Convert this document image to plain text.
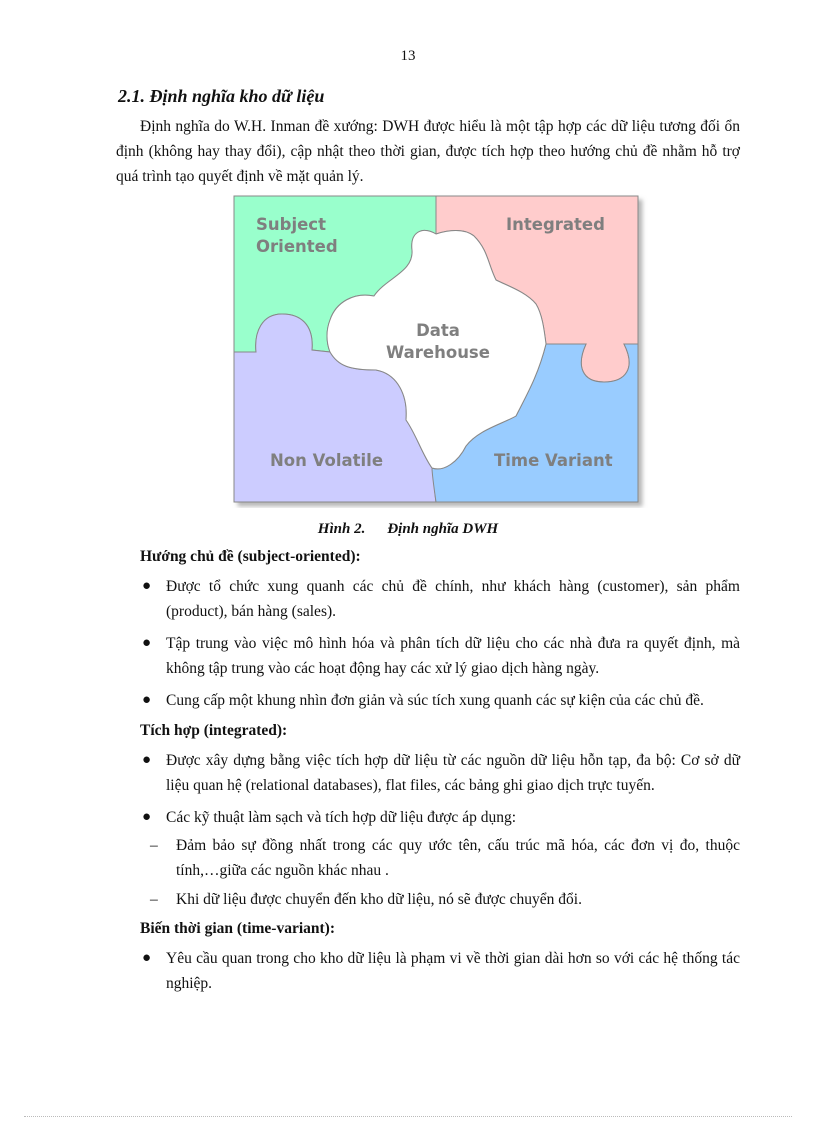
13
2.1. Định nghĩa kho dữ liệu

Định nghĩa do W.H. Inman đề xướng: DWH được hiểu là một tập hợp các dữ liệu tương đối ổn định (không hay thay đổi), cập nhật theo thời gian, được tích hợp theo hướng chủ đề nhằm hỗ trợ quá trình tạo quyết định về mặt quản lý.

Subject
Oriented
Integrated
Non Volatile	Time Variant
Data
Warehouse
Hình 2. Định nghĩa DWH
Hướng chủ đề (subject-oriented):
● Được tổ chức xung quanh các chủ đề chính, như khách hàng (customer), sản phẩm (product), bán hàng (sales).
● Tập trung vào việc mô hình hóa và phân tích dữ liệu cho các nhà đưa ra quyết định, mà không tập trung vào các hoạt động hay các xử lý giao dịch hàng ngày.
● Cung cấp một khung nhìn đơn giản và súc tích xung quanh các sự kiện của các chủ đề.
Tích hợp (integrated):
● Được xây dựng bằng việc tích hợp dữ liệu từ các nguồn dữ liệu hỗn tạp, đa bộ: Cơ sở dữ liệu quan hệ (relational databases), flat files, các bảng ghi giao dịch trực tuyến.
● Các kỹ thuật làm sạch và tích hợp dữ liệu được áp dụng:
– Đảm bảo sự đồng nhất trong các quy ước tên, cấu trúc mã hóa, các đơn vị đo, thuộc tính,…giữa các nguồn khác nhau .
– Khi dữ liệu được chuyển đến kho dữ liệu, nó sẽ được chuyển đổi.
Biến thời gian (time-variant):
● Yêu cầu quan trong cho kho dữ liệu là phạm vi về thời gian dài hơn so với các hệ thống tác nghiệp.
